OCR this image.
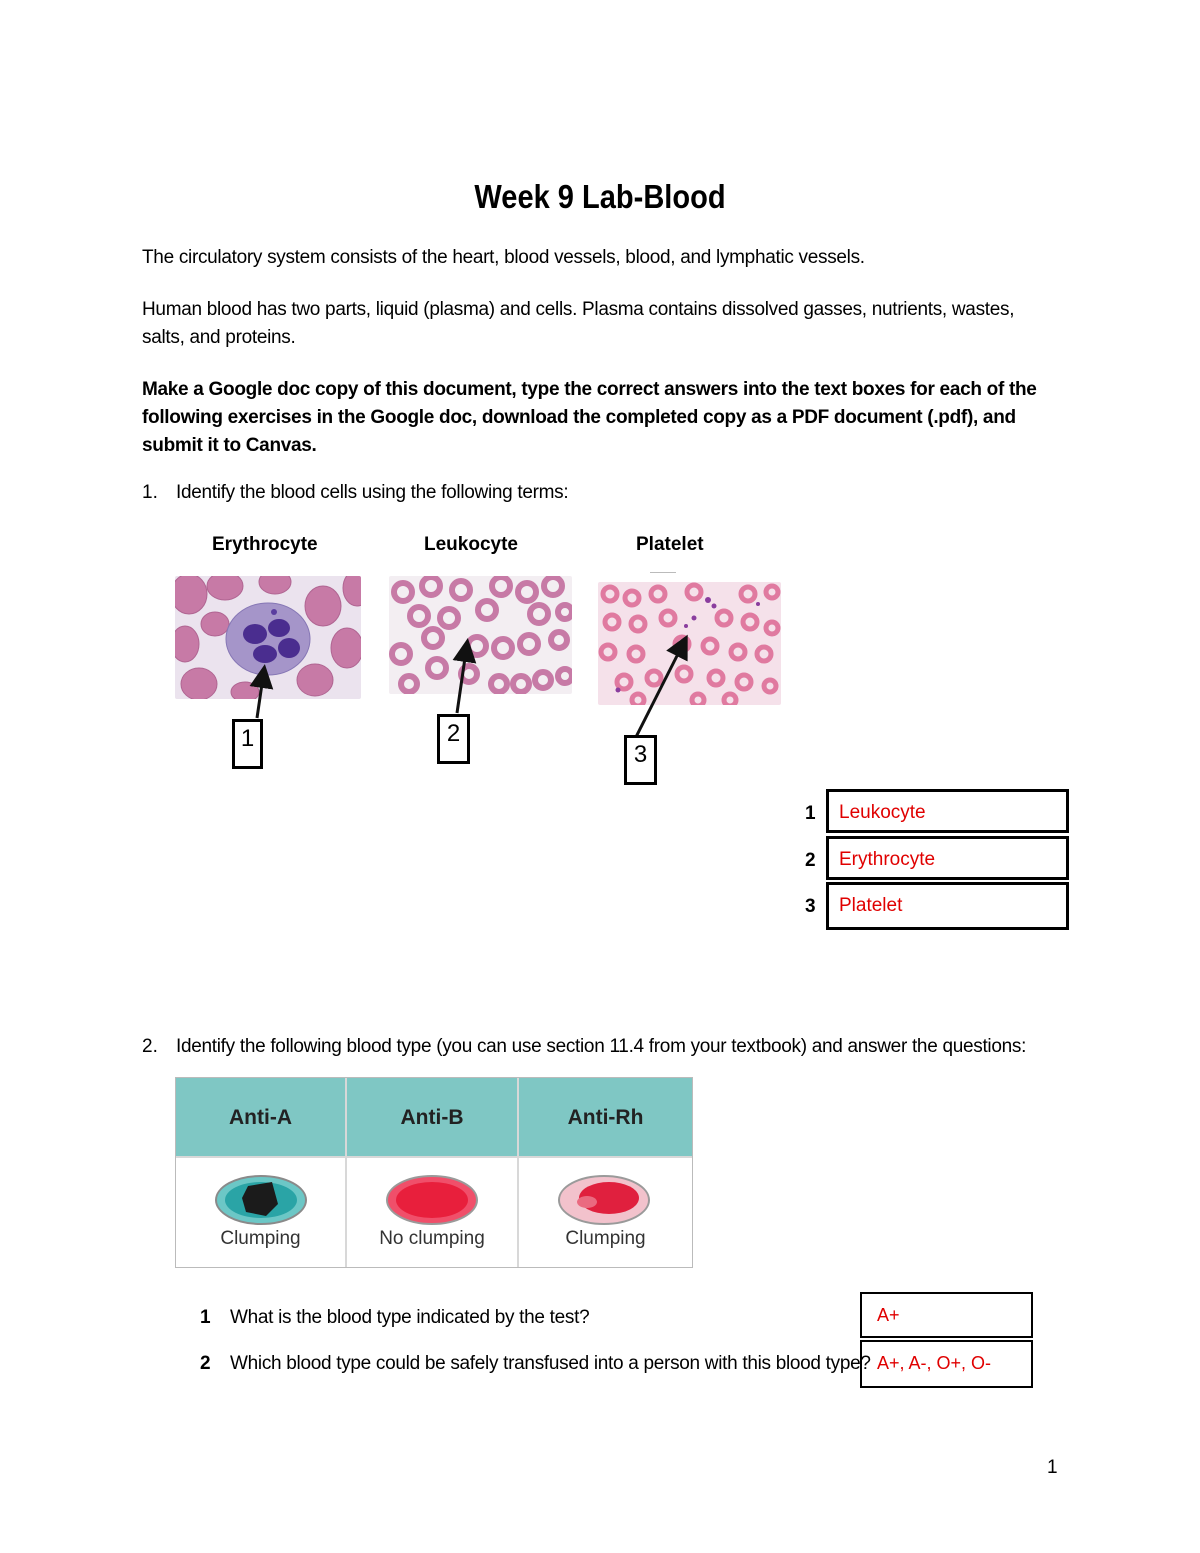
Week 9 Lab-Blood
The circulatory system consists of the heart, blood vessels, blood, and lymphatic vessels.
Human blood has two parts, liquid (plasma) and cells. Plasma contains dissolved gasses, nutrients, wastes, salts, and proteins.
Make a Google doc copy of this document, type the correct answers into the text boxes for each of the following exercises in the Google doc, download the completed copy as a PDF document (.pdf), and submit it to Canvas.
1. Identify the blood cells using the following terms:
Erythrocyte	Leukocyte	Platelet
1	2
3
1 Leukocyte
2 Erythrocyte
3 Platelet
2. Identify the following blood type (you can use section 11.4 from your textbook) and answer the questions:
Anti-A	Anti-B	Anti-Rh
Clumping	No clumping	Clumping
1 What is the blood type indicated by the test?	A+
2 Which blood type could be safely transfused into a person with this blood type? A+, A-, O+, O-
1
